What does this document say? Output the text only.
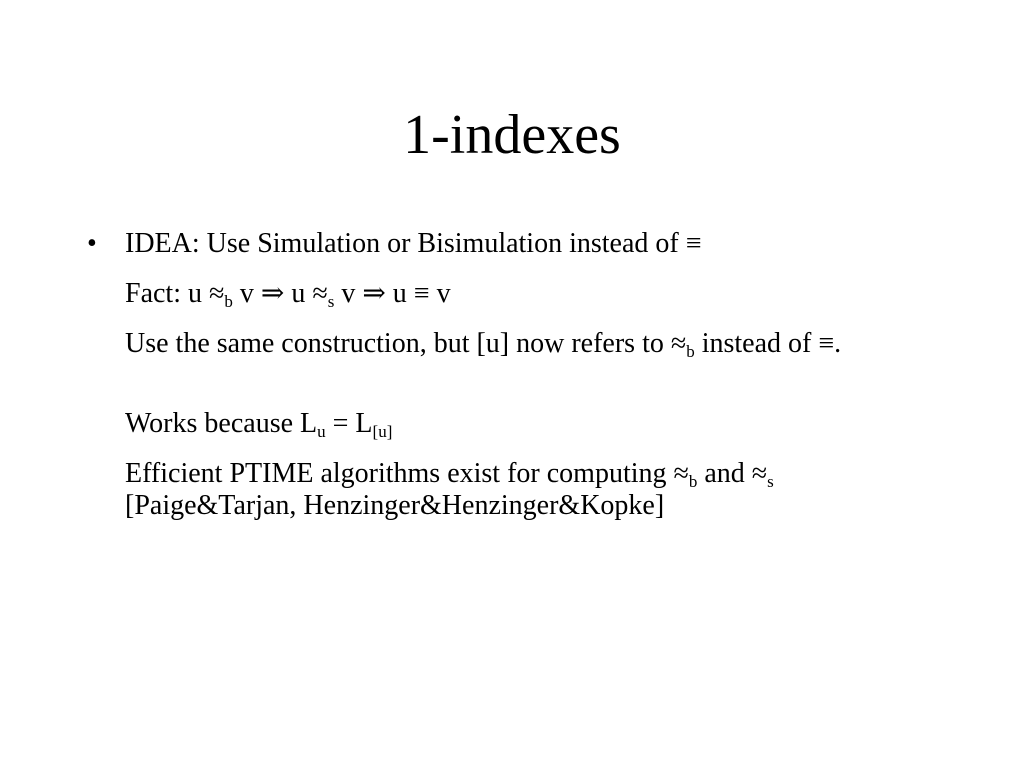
1-indexes
• IDEA: Use Simulation or Bisimulation instead of ≡
Fact: $u \approx_b$ v ⇒ $u \approx_s$ v ⇒ u ≡ v
Use the same construction, but [u] now refers to $\approx_b$ instead of ≡.
Works because $L_u = L_{[u]}$
Efficient PTIME algorithms exist for computing $\approx_b$ and $\approx_s$
[Paige&Tarjan, Henzinger&Henzinger&Kopke]
